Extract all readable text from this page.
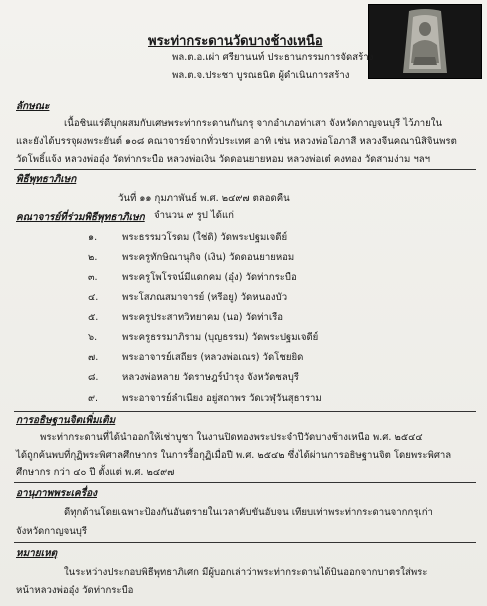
พระท่ากระดานวัดบางช้างเหนือ
พล.ต.อ.เผ่า ศรียานนท์ ประธานกรรมการจัดสร้าง
พล.ต.จ.ประชา บูรณธนิต ผู้ดำเนินการสร้าง
ลักษณะ
เนื้อชินแร่ดีบุกผสมกับเศษพระท่ากระดานกันกรุ จากอำเภอท่าเสา จังหวัดกาญจนบุรี ไว้ภายใน
และยังได้บรรจุผงพระยันต์ ๑๐๘ คณาจารย์จากทั่วประเทศ อาทิ เช่น หลวงพ่อโอภาสี หลวงจีนคณานิสิจินพรต
วัดโพธิ์แจ้ง หลวงพ่ออุ๋ง วัดท่ากระบือ หลวงพ่อเงิน วัดดอนยายหอม หลวงพ่อเต๋ คงทอง วัดสามง่าม ฯลฯ
พิธีพุทธาภิเษก
วันที่ ๑๑ กุมภาพันธ์ พ.ศ. ๒๔๙๗ ตลอดคืน
คณาจารย์ที่ร่วมพิธีพุทธาภิเษก จำนวน ๙ รูป ได้แก่
๑.	พระธรรมวโรดม (ใช่ดิ) วัดพระปฐมเจดีย์
๒.	พระครูทักษิณานุกิจ (เงิน) วัดดอนยายหอม
๓.	พระครูโพโรจน์มีแดกคม (อุ๋ง) วัดท่ากระบือ
๔. พระโสภณสมาจารย์ (หรีอยู) วัดหนองบัว
๕. พระครูประสาทวิทยาคม (นอ) วัดท่าเรือ
๖.	พระครูธรรมาภิราม (บุญธรรม) วัดพระปฐมเจดีย์
๗. พระอาจารย์เสถียร (หลวงพ่อเณร) วัดโชยยิด
๘. หลวงพ่อหลาย วัดราษฎร์บำรุง จังหวัดชลบุรี
๙. พระอาจารย์ลำเนียง อยู่สถาพร วัดเวฬุวันสุธาราม
การอธิษฐานจิตเพิ่มเติม
พระท่ากระดานที่ได้นำออกให้เช่าบูชา ในงานปิดทองพระประจำปีวัดบางช้างเหนือ พ.ศ. ๒๕๔๔
ได้ถูกค้นพบที่กุฏิพระพิศาลศึกษากร ในการรื้อกุฏิเมื่อปี พ.ศ. ๒๕๔๒ ซึ่งได้ผ่านการอธิษฐานจิต โดยพระพิศาล
ศึกษากร กว่า ๔๐ ปี ตั้งแต่ พ.ศ. ๒๔๙๗
อานุภาพพระเครื่อง
ดีทุกด้านโดยเฉพาะป้องกันอันตรายในเวลาคับขันอับจน เทียบเท่าพระท่ากระดานจากกรุเก่า
จังหวัดกาญจนบุรี
หมายเหตุ
ในระหว่างประกอบพิธีพุทธาภิเศก มีผู้บอกเล่าว่าพระท่ากระดานได้บินออกจากบาตรใส่พระ
หน้าหลวงพ่ออุ๋ง วัดท่ากระบือ
